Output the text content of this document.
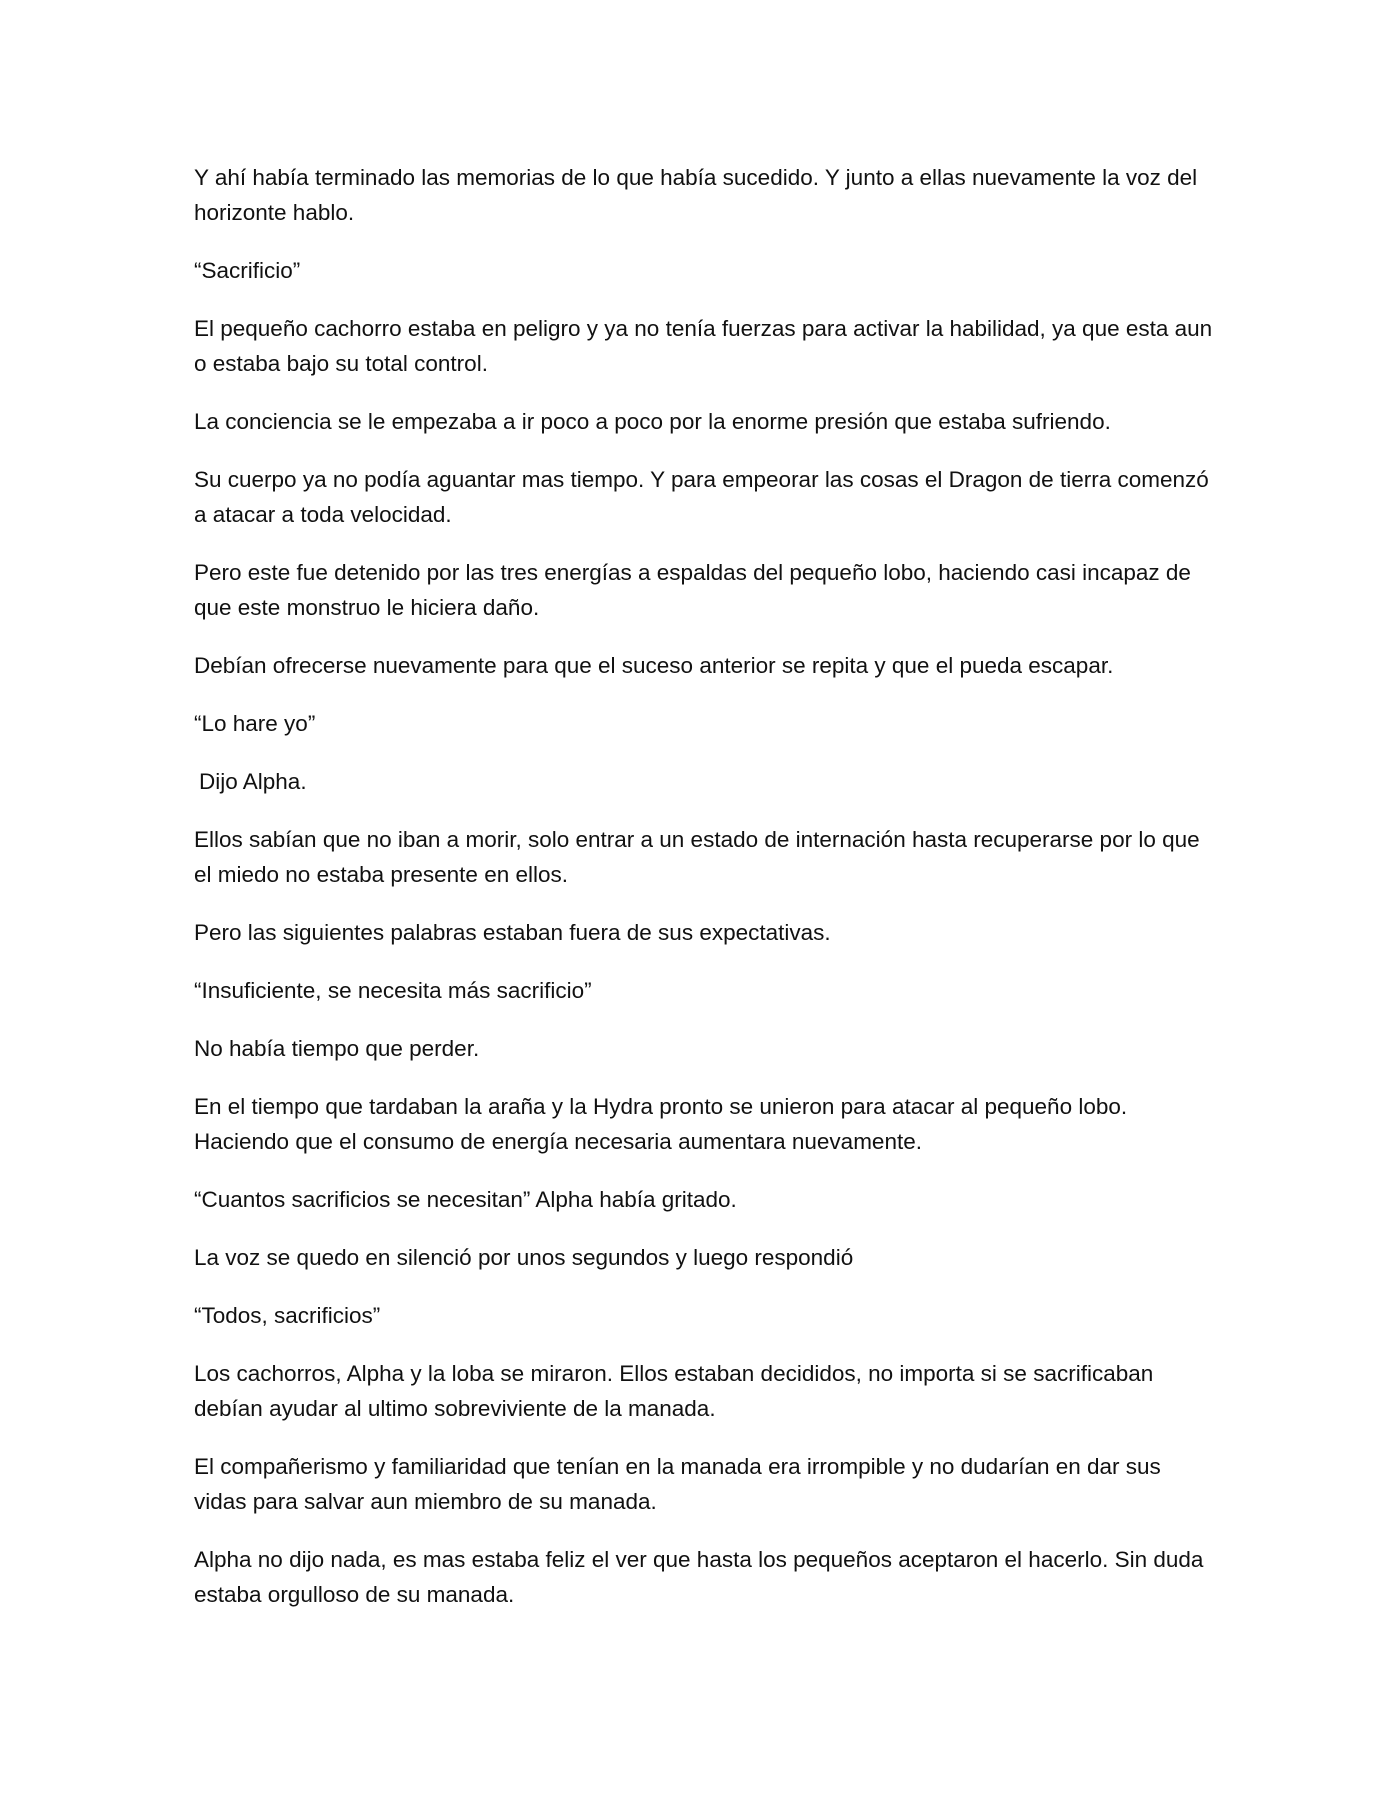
Y ahí había terminado las memorias de lo que había sucedido. Y junto a ellas nuevamente la voz del horizonte hablo.

“Sacrificio”

El pequeño cachorro estaba en peligro y ya no tenía fuerzas para activar la habilidad, ya que esta aun o estaba bajo su total control.

La conciencia se le empezaba a ir poco a poco por la enorme presión que estaba sufriendo.

Su cuerpo ya no podía aguantar mas tiempo. Y para empeorar las cosas el Dragon de tierra comenzó a atacar a toda velocidad.

Pero este fue detenido por las tres energías a espaldas del pequeño lobo, haciendo casi incapaz de que este monstruo le hiciera daño.

Debían ofrecerse nuevamente para que el suceso anterior se repita y que el pueda escapar.

“Lo hare yo”

Dijo Alpha.

Ellos sabían que no iban a morir, solo entrar a un estado de internación hasta recuperarse por lo que el miedo no estaba presente en ellos.

Pero las siguientes palabras estaban fuera de sus expectativas.

“Insuficiente, se necesita más sacrificio”

No había tiempo que perder.

En el tiempo que tardaban la araña y la Hydra pronto se unieron para atacar al pequeño lobo. Haciendo que el consumo de energía necesaria aumentara nuevamente.

“Cuantos sacrificios se necesitan” Alpha había gritado.

La voz se quedo en silenció por unos segundos y luego respondió

“Todos, sacrificios”

Los cachorros, Alpha y la loba se miraron. Ellos estaban decididos, no importa si se sacrificaban debían ayudar al ultimo sobreviviente de la manada.

El compañerismo y familiaridad que tenían en la manada era irrompible y no dudarían en dar sus vidas para salvar aun miembro de su manada.

Alpha no dijo nada, es mas estaba feliz el ver que hasta los pequeños aceptaron el hacerlo. Sin duda estaba orgulloso de su manada.
